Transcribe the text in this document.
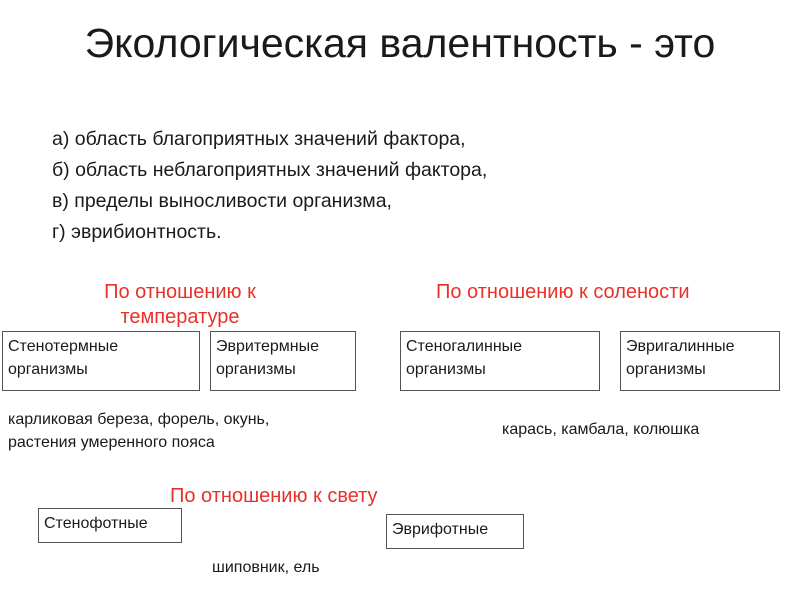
Экологическая валентность - это
а) область благоприятных значений фактора,
б) область неблагоприятных значений фактора,
в) пределы выносливости организма,
г) эврибионтность.
По отношению к температуре
Стенотермные организмы
Эвритермные организмы
карликовая береза, форель, окунь, растения умеренного пояса
По отношению к солености
Стеногалинные организмы
Эвригалинные организмы
карась, камбала, колюшка
По отношению к свету
Стенофотные	Эврифотные
шиповник, ель
